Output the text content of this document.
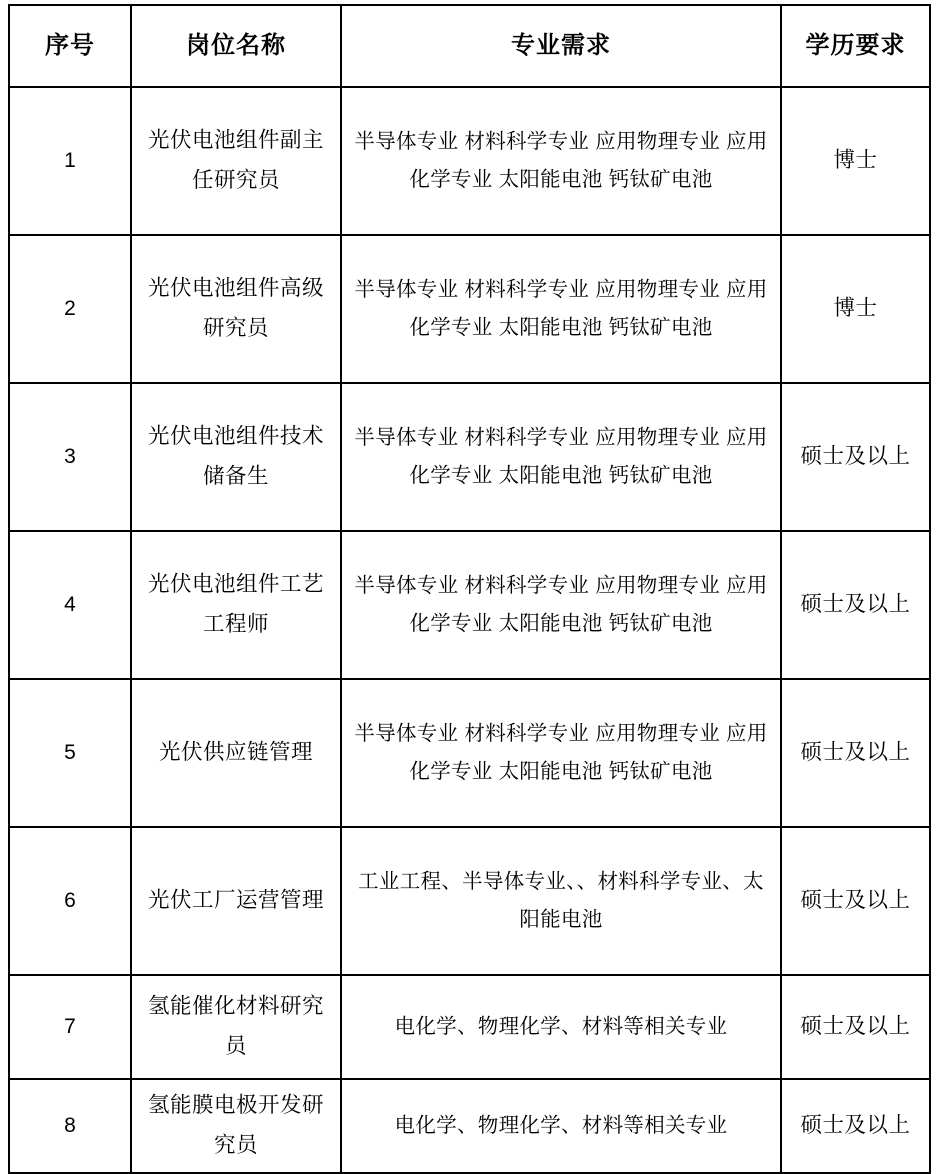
序号	岗位名称	专业需求	学历要求
1	光伏电池组件副主任研究员	半导体专业 材料科学专业 应用物理专业 应用化学专业 太阳能电池 钙钛矿电池	博士
2	光伏电池组件高级研究员	半导体专业 材料科学专业 应用物理专业 应用化学专业 太阳能电池 钙钛矿电池	博士
3	光伏电池组件技术储备生	半导体专业 材料科学专业 应用物理专业 应用化学专业 太阳能电池 钙钛矿电池	硕士及以上
4	光伏电池组件工艺工程师	半导体专业 材料科学专业 应用物理专业 应用化学专业 太阳能电池 钙钛矿电池	硕士及以上
5	光伏供应链管理	半导体专业 材料科学专业 应用物理专业 应用化学专业 太阳能电池 钙钛矿电池	硕士及以上
6	光伏工厂运营管理	工业工程、半导体专业、、材料科学专业、太阳能电池	硕士及以上
7	氢能催化材料研究员	电化学、物理化学、材料等相关专业	硕士及以上
8	氢能膜电极开发研究员	电化学、物理化学、材料等相关专业	硕士及以上
